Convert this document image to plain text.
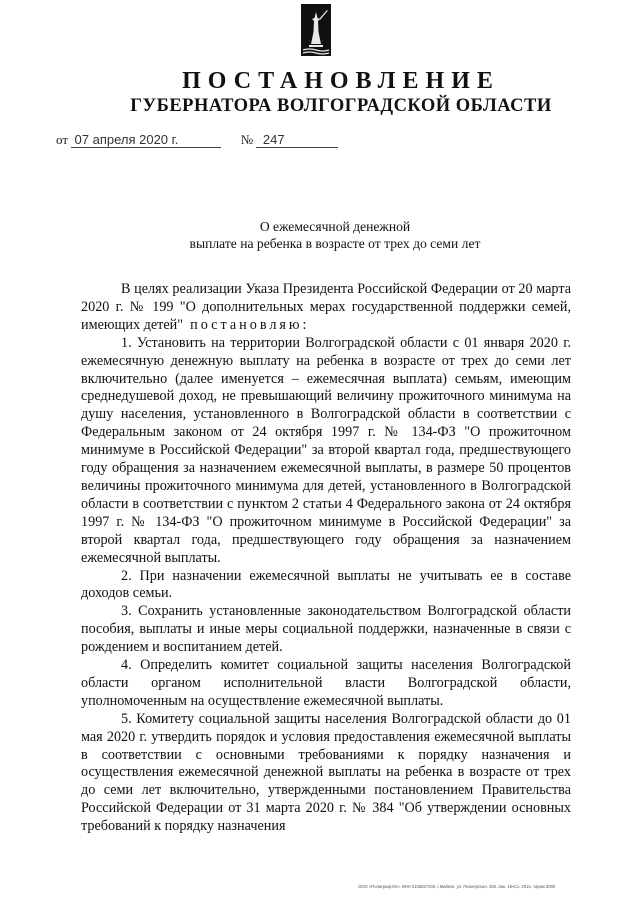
ПОСТАНОВЛЕНИЕ
ГУБЕРНАТОРА ВОЛГОГРАДСКОЙ ОБЛАСТИ
от 07 апреля 2020 г.	№ 247
О ежемесячной денежной
выплате на ребенка в возрасте от трех до семи лет

В целях реализации Указа Президента Российской Федерации от 20 марта 2020 г. № 199 "О дополнительных мерах государственной поддержки семей, имеющих детей" постановляю:

1. Установить на территории Волгоградской области с 01 января 2020 г. ежемесячную денежную выплату на ребенка в возрасте от трех до семи лет включительно (далее именуется – ежемесячная выплата) семьям, имеющим среднедушевой доход, не превышающий величину прожиточного минимума на душу населения, установленного в Волгоградской области в соответствии с Федеральным законом от 24 октября 1997 г. № 134-ФЗ "О прожиточном минимуме в Российской Федерации" за второй квартал года, предшествующего году обращения за назначением ежемесячной выплаты, в размере 50 процентов величины прожиточного минимума для детей, установленного в Волгоградской области в соответствии с пунктом 2 статьи 4 Федерального закона от 24 октября 1997 г. № 134-ФЗ "О прожиточном минимуме в Российской Федерации" за второй квартал года, предшествующего году обращения за назначением ежемесячной выплаты.

2. При назначении ежемесячной выплаты не учитывать ее в составе доходов семьи.

3. Сохранить установленные законодательством Волгоградской области пособия, выплаты и иные меры социальной поддержки, назначенные в связи с рождением и воспитанием детей.

4. Определить комитет социальной защиты населения Волгоградской области органом исполнительной власти Волгоградской области, уполномоченным на осуществление ежемесячной выплаты.

5. Комитету социальной защиты населения Волгоградской области до 01 мая 2020 г. утвердить порядок и условия предоставления ежемесячной выплаты в соответствии с основными требованиями к порядку назначения и осуществления ежемесячной денежной выплаты на ребенка в возрасте от трех до семи лет включительно, утвержденными постановлением Правительства Российской Федерации от 31 марта 2020 г. № 384 "Об утверждении основных требований к порядку назначения

ООО «Полиграф-Юг» ИНН 0105027208, г.Майкоп, ул. Пионерская, 268. Зак. 19чСз, 2015, тираж 5000
